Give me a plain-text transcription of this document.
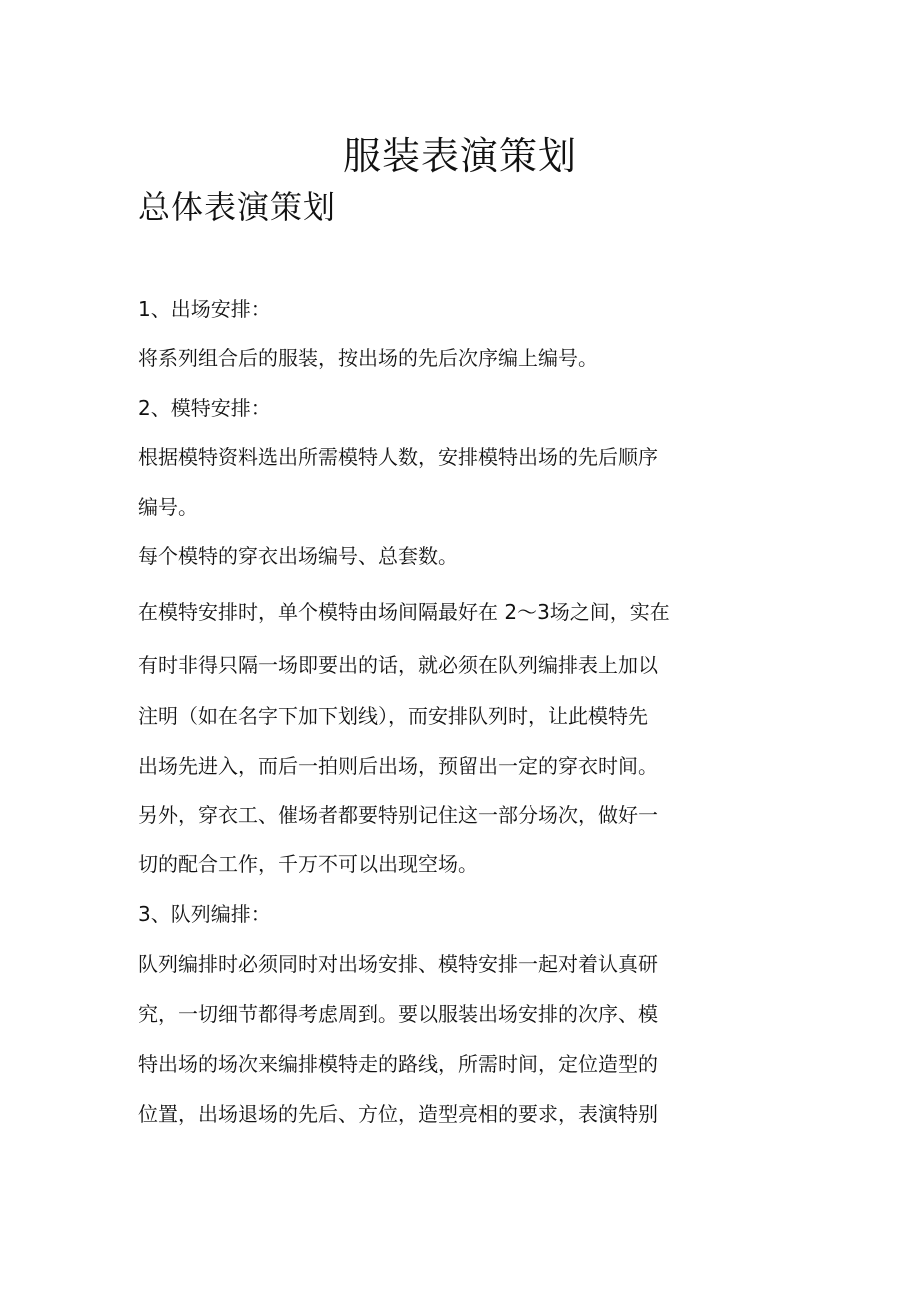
服装表演策划
总体表演策划

1、出场安排：

将系列组合后的服装，按出场的先后次序编上编号。

2、模特安排：

根据模特资料选出所需模特人数，安排模特出场的先后顺序

编号。

每个模特的穿衣出场编号、总套数。

在模特安排时，单个模特由场间隔最好在 2〜3场之间，实在

有时非得只隔一场即要出的话，就必须在队列编排表上加以

注明（如在名字下加下划线），而安排队列时，让此模特先

出场先进入，而后一拍则后出场，预留出一定的穿衣时间。

另外，穿衣工、催场者都要特别记住这一部分场次，做好一

切的配合工作，千万不可以出现空场。

3、队列编排：

队列编排时必须同时对出场安排、模特安排一起对着认真研

究，一切细节都得考虑周到。要以服装出场安排的次序、模

特出场的场次来编排模特走的路线，所需时间，定位造型的

位置，出场退场的先后、方位，造型亮相的要求，表演特别
